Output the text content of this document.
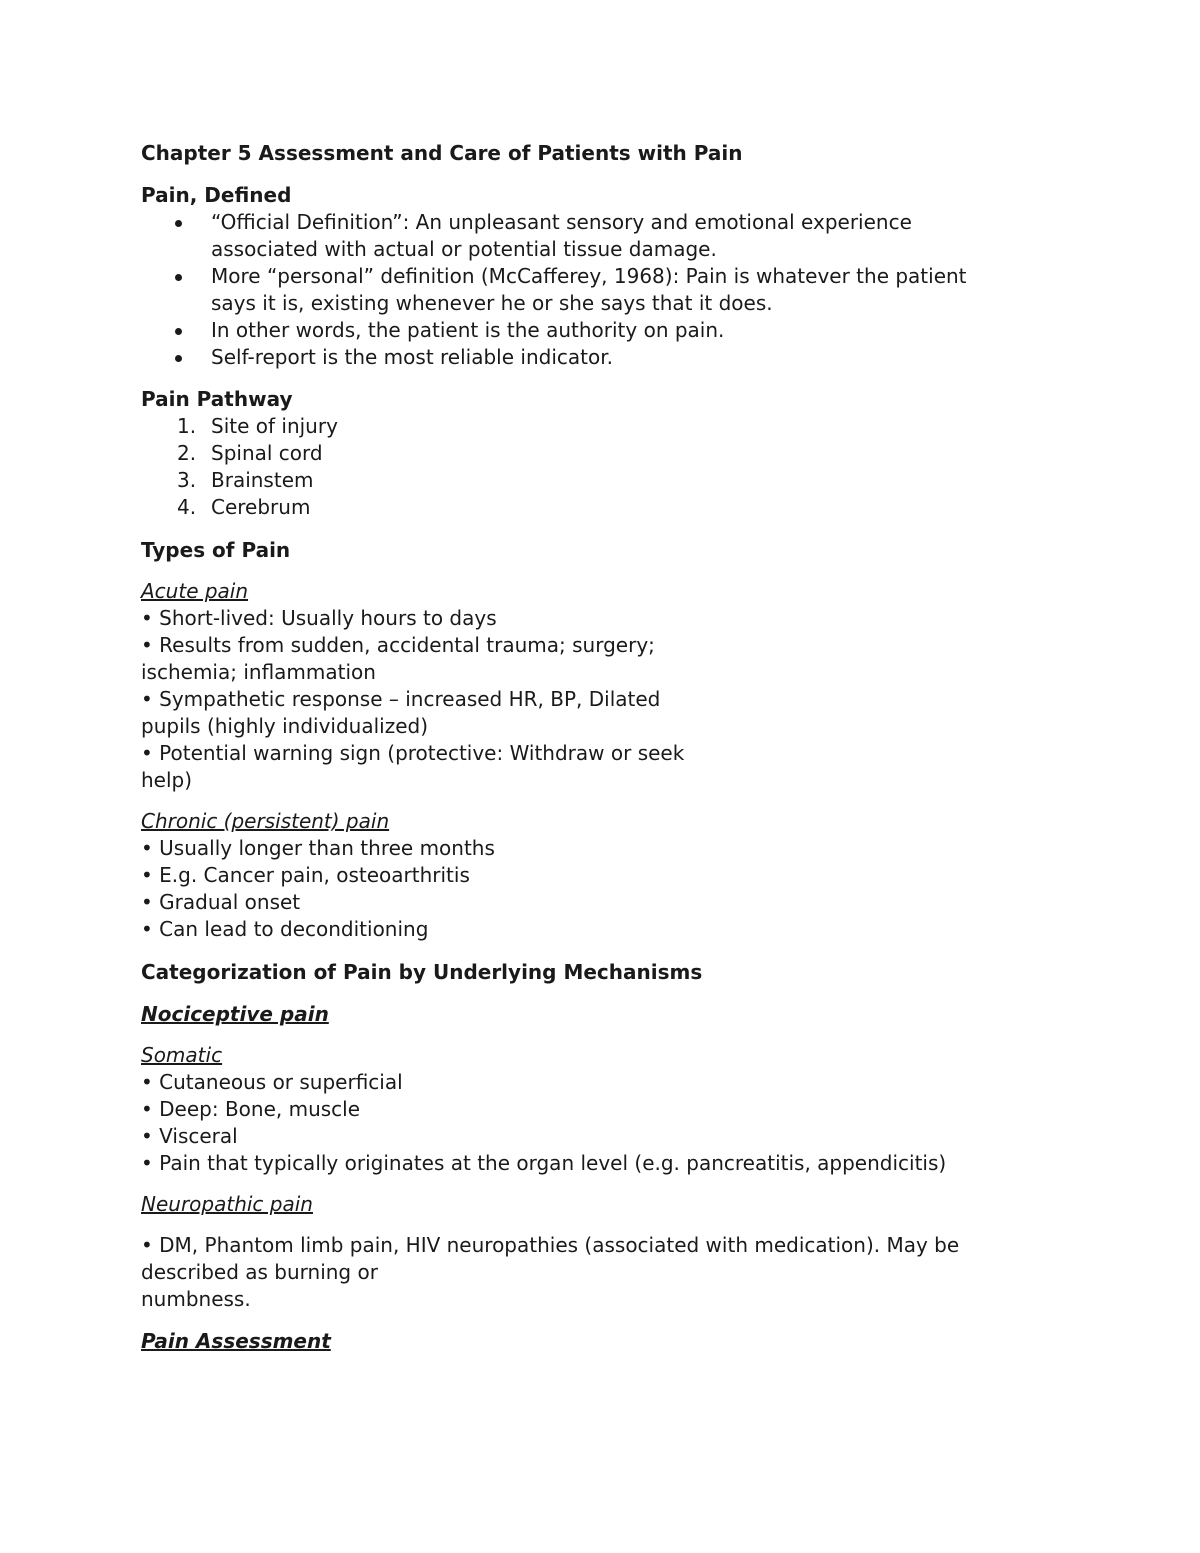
Chapter 5 Assessment and Care of Patients with Pain
Pain, Defined
“Official Definition”: An unpleasant sensory and emotional experience
associated with actual or potential tissue damage.
More “personal” definition (McCafferey, 1968): Pain is whatever the patient
says it is, existing whenever he or she says that it does.
In other words, the patient is the authority on pain.
Self-report is the most reliable indicator.
Pain Pathway
1. Site of injury
2. Spinal cord
3. Brainstem
4. Cerebrum
Types of Pain
Acute pain
• Short-lived: Usually hours to days
• Results from sudden, accidental trauma; surgery;
ischemia; inflammation
• Sympathetic response – increased HR, BP, Dilated
pupils (highly individualized)
• Potential warning sign (protective: Withdraw or seek
help)
Chronic (persistent) pain
• Usually longer than three months
• E.g. Cancer pain, osteoarthritis
• Gradual onset
• Can lead to deconditioning
Categorization of Pain by Underlying Mechanisms
Nociceptive pain
Somatic
• Cutaneous or superficial
• Deep: Bone, muscle
• Visceral
• Pain that typically originates at the organ level (e.g. pancreatitis, appendicitis)
Neuropathic pain
• DM, Phantom limb pain, HIV neuropathies (associated with medication). May be
described as burning or
numbness.
Pain Assessment
